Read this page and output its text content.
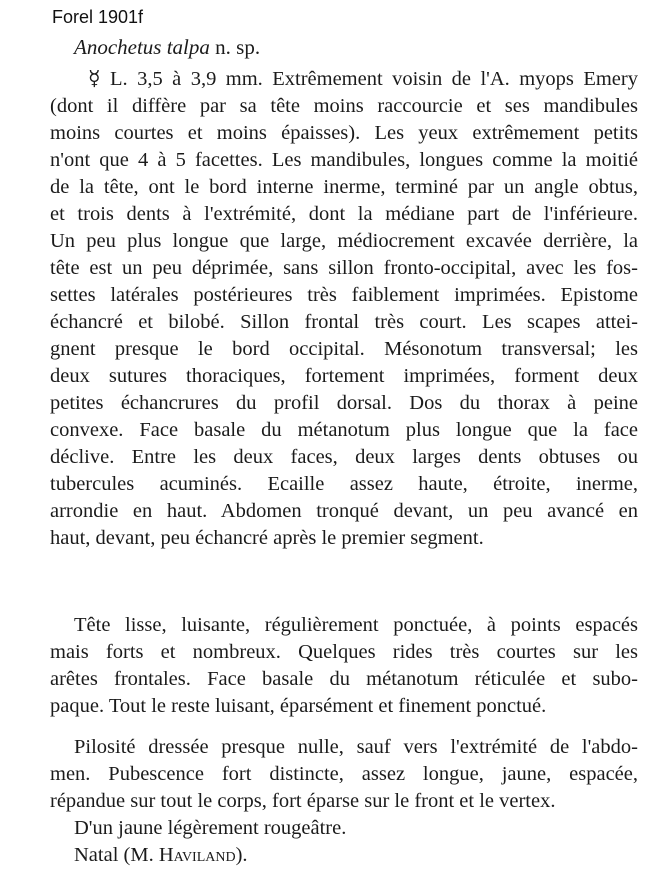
Forel 1901f
Anochetus talpa n. sp.
☿ L. 3,5 à 3,9 mm. Extrêmement voisin de l'A. myops Emery
(dont il diffère par sa tête moins raccourcie et ses mandibules
moins courtes et moins épaisses). Les yeux extrêmement petits
n'ont que 4 à 5 facettes. Les mandibules, longues comme la moitié
de la tête, ont le bord interne inerme, terminé par un angle obtus,
et trois dents à l'extrémité, dont la médiane part de l'inférieure.
Un peu plus longue que large, médiocrement excavée derrière, la
tête est un peu déprimée, sans sillon fronto-occipital, avec les fos-
settes latérales postérieures très faiblement imprimées. Epistome
échancré et bilobé. Sillon frontal très court. Les scapes attei-
gnent presque le bord occipital. Mésonotum transversal; les
deux sutures thoraciques, fortement imprimées, forment deux
petites échancrures du profil dorsal. Dos du thorax à peine
convexe. Face basale du métanotum plus longue que la face
déclive. Entre les deux faces, deux larges dents obtuses ou
tubercules acuminés. Ecaille assez haute, étroite, inerme,
arrondie en haut. Abdomen tronqué devant, un peu avancé en
haut, devant, peu échancré après le premier segment.
Tête lisse, luisante, régulièrement ponctuée, à points espacés
mais forts et nombreux. Quelques rides très courtes sur les
arêtes frontales. Face basale du métanotum réticulée et subo-
paque. Tout le reste luisant, éparsément et finement ponctué.
Pilosité dressée presque nulle, sauf vers l'extrémité de l'abdo-
men. Pubescence fort distincte, assez longue, jaune, espacée,
répandue sur tout le corps, fort éparse sur le front et le vertex.
D'un jaune légèrement rougeâtre.
Natal (M. Haviland).
